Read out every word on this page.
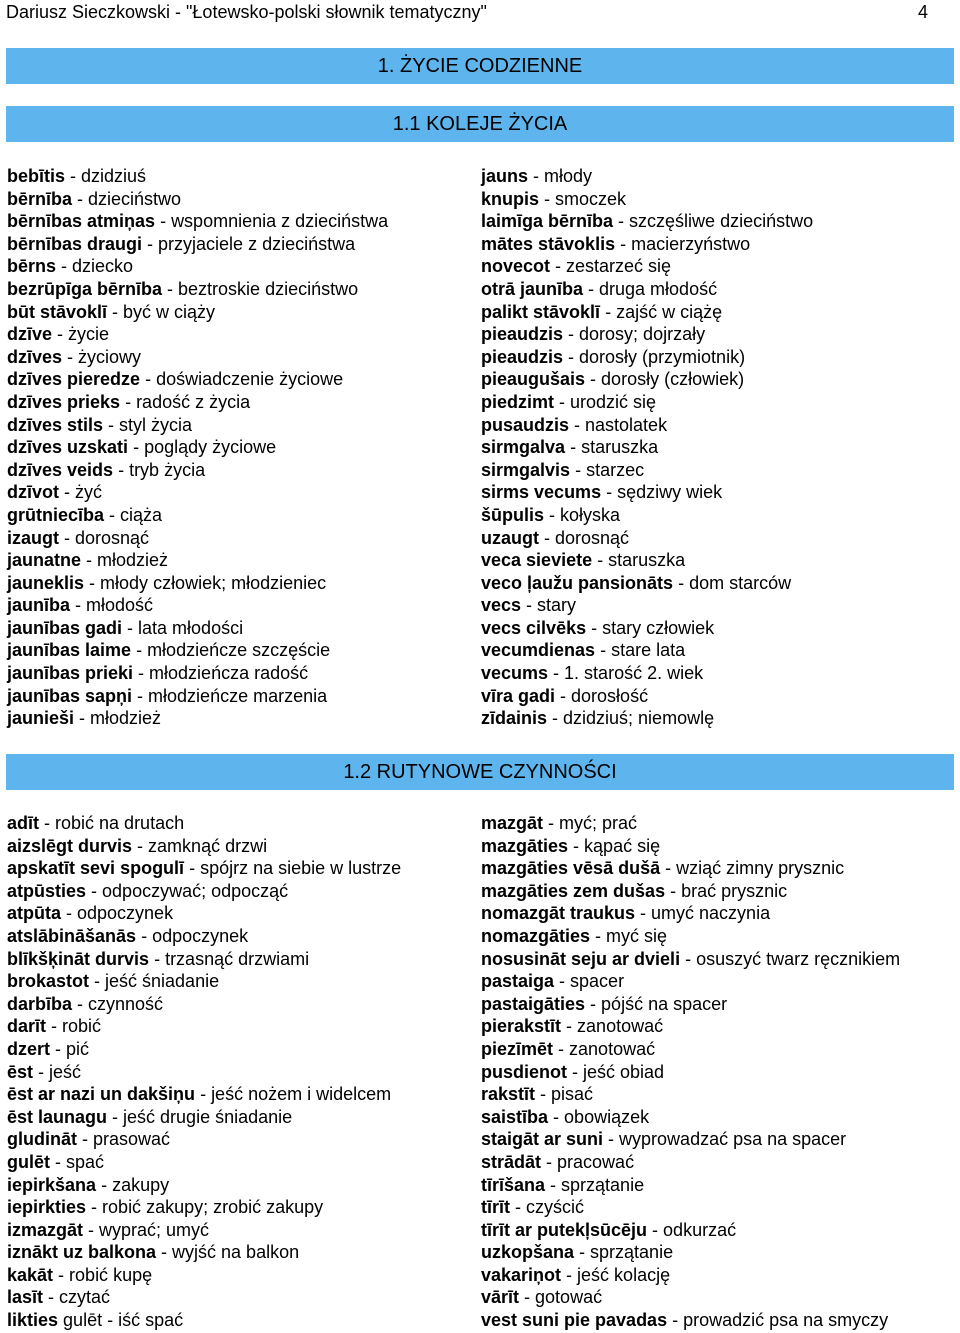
Dariusz Sieczkowski - "Łotewsko-polski słownik tematyczny"	4
1. ŻYCIE CODZIENNE
1.1 KOLEJE ŻYCIA
bebītis - dzidziuś
bērnība - dzieciństwo
bērnības atmiņas - wspomnienia z dzieciństwa
bērnības draugi - przyjaciele z dzieciństwa
bērns - dziecko
bezrūpīga bērnība - beztroskie dzieciństwo
būt stāvoklī - być w ciąży
dzīve - życie
dzīves - życiowy
dzīves pieredze - doświadczenie życiowe
dzīves prieks - radość z życia
dzīves stils - styl życia
dzīves uzskati - poglądy życiowe
dzīves veids - tryb życia
dzīvot - żyć
grūtniecība - ciąża
izaugt - dorosnąć
jaunatne - młodzież
jauneklis - młody człowiek; młodzieniec
jaunība - młodość
jaunības gadi - lata młodości
jaunības laime - młodzieńcze szczęście
jaunības prieki - młodzieńcza radość
jaunības sapņi - młodzieńcze marzenia
jaunieši - młodzież
jauns - młody
knupis - smoczek
laimīga bērnība - szczęśliwe dzieciństwo
mātes stāvoklis - macierzyństwo
novecot - zestarzeć się
otrā jaunība - druga młodość
palikt stāvoklī - zajść w ciążę
pieaudzis - dorosy; dojrzały
pieaudzis - dorosły (przymiotnik)
pieaugušais - dorosły (człowiek)
piedzimt - urodzić się
pusaudzis - nastolatek
sirmgalva - staruszka
sirmgalvis - starzec
sirms vecums - sędziwy wiek
šūpulis - kołyska
uzaugt - dorosnąć
veca sieviete - staruszka
veco ļaužu pansionāts - dom starców
vecs - stary
vecs cilvēks - stary człowiek
vecumdienas - stare lata
vecums - 1. starość 2. wiek
vīra gadi - dorosłość
zīdainis - dzidziuś; niemowlę
1.2 RUTYNOWE CZYNNOŚCI
adīt - robić na drutach
aizslēgt durvis - zamknąć drzwi
apskatīt sevi spogulī - spójrz na siebie w lustrze
atpūsties - odpoczywać; odpocząć
atpūta - odpoczynek
atslābināšanās - odpoczynek
blīkšķināt durvis - trzasnąć drzwiami
brokastot - jeść śniadanie
darbība - czynność
darīt - robić
dzert - pić
ēst - jeść
ēst ar nazi un dakšiņu - jeść nożem i widelcem
ēst launagu - jeść drugie śniadanie
gludināt - prasować
gulēt - spać
iepirkšana - zakupy
iepirkties - robić zakupy; zrobić zakupy
izmazgāt - wyprać; umyć
iznākt uz balkona - wyjść na balkon
kakāt - robić kupę
lasīt - czytać
likties gulēt - iść spać
mazgāt - myć; prać
mazgāties - kąpać się
mazgāties vēsā dušā - wziąć zimny prysznic
mazgāties zem dušas - brać prysznic
nomazgāt traukus - umyć naczynia
nomazgāties - myć się
nosusināt seju ar dvieli - osuszyć twarz ręcznikiem
pastaiga - spacer
pastaigāties - pójść na spacer
pierakstīt - zanotować
piezīmēt - zanotować
pusdienot - jeść obiad
rakstīt - pisać
saistība - obowiązek
staigāt ar suni - wyprowadzać psa na spacer
strādāt - pracować
tīrīšana - sprzątanie
tīrīt - czyścić
tīrīt ar putekļsūcēju - odkurzać
uzkopšana - sprzątanie
vakariņot - jeść kolację
vārīt - gotować
vest suni pie pavadas - prowadzić psa na smyczy
